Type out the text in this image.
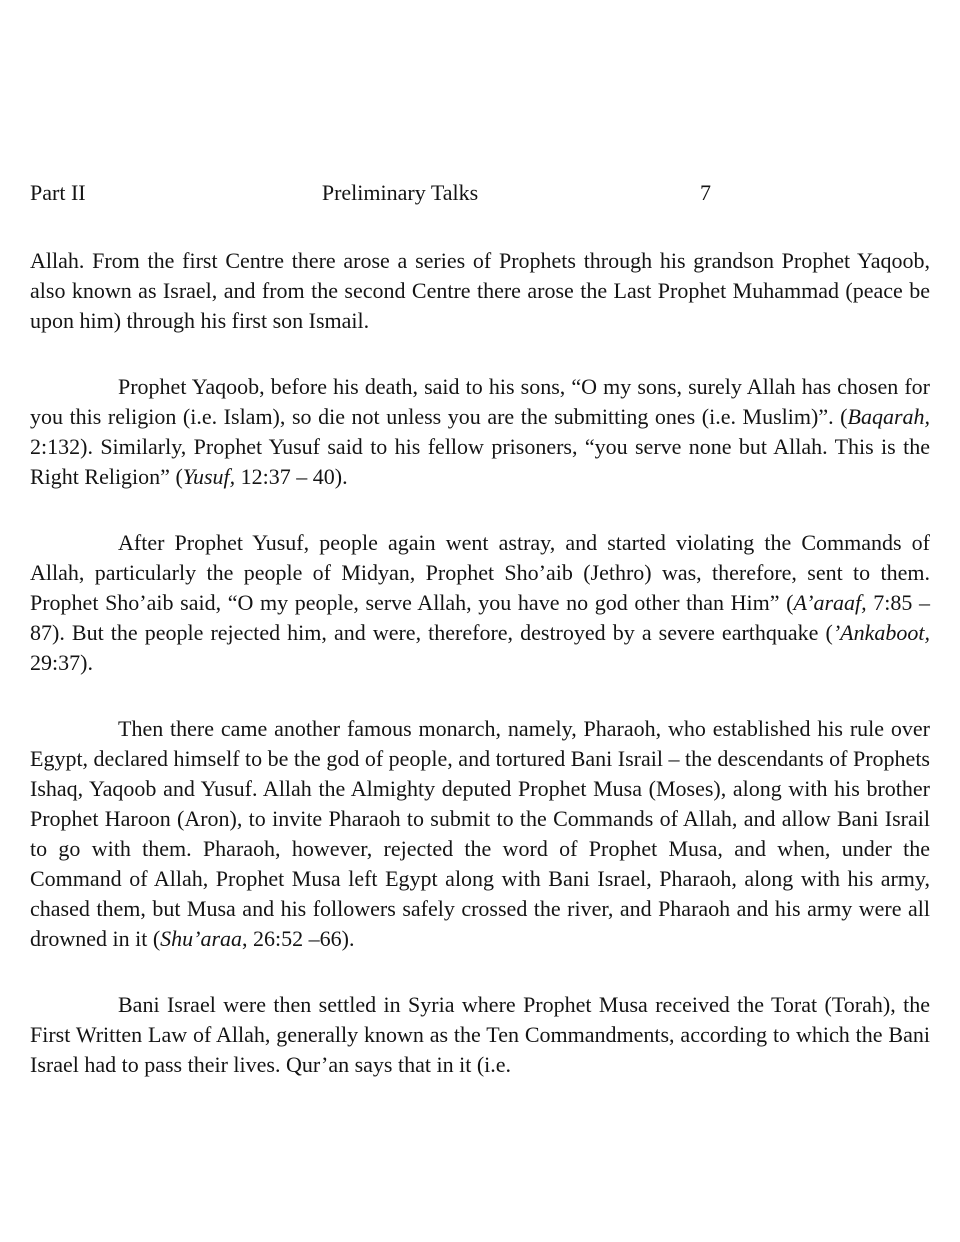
Part II	Preliminary Talks	7

Allah. From the first Centre there arose a series of Prophets through his grandson Prophet Yaqoob, also known as Israel, and from the second Centre there arose the Last Prophet Muhammad (peace be upon him) through his first son Ismail.

Prophet Yaqoob, before his death, said to his sons, “O my sons, surely Allah has chosen for you this religion (i.e. Islam), so die not unless you are the submitting ones (i.e. Muslim)”. (Baqarah, 2:132). Similarly, Prophet Yusuf said to his fellow prisoners, “you serve none but Allah. This is the Right Religion” (Yusuf, 12:37 – 40).

After Prophet Yusuf, people again went astray, and started violating the Commands of Allah, particularly the people of Midyan, Prophet Sho’aib (Jethro) was, therefore, sent to them. Prophet Sho’aib said, “O my people, serve Allah, you have no god other than Him” (A’araaf, 7:85 – 87). But the people rejected him, and were, therefore, destroyed by a severe earthquake (’Ankaboot, 29:37).

Then there came another famous monarch, namely, Pharaoh, who established his rule over Egypt, declared himself to be the god of people, and tortured Bani Israil – the descendants of Prophets Ishaq, Yaqoob and Yusuf. Allah the Almighty deputed Prophet Musa (Moses), along with his brother Prophet Haroon (Aron), to invite Pharaoh to submit to the Commands of Allah, and allow Bani Israil to go with them. Pharaoh, however, rejected the word of Prophet Musa, and when, under the Command of Allah, Prophet Musa left Egypt along with Bani Israel, Pharaoh, along with his army, chased them, but Musa and his followers safely crossed the river, and Pharaoh and his army were all drowned in it (Shu’araa, 26:52 –66).

Bani Israel were then settled in Syria where Prophet Musa received the Torat (Torah), the First Written Law of Allah, generally known as the Ten Commandments, according to which the Bani Israel had to pass their lives. Qur’an says that in it (i.e.
